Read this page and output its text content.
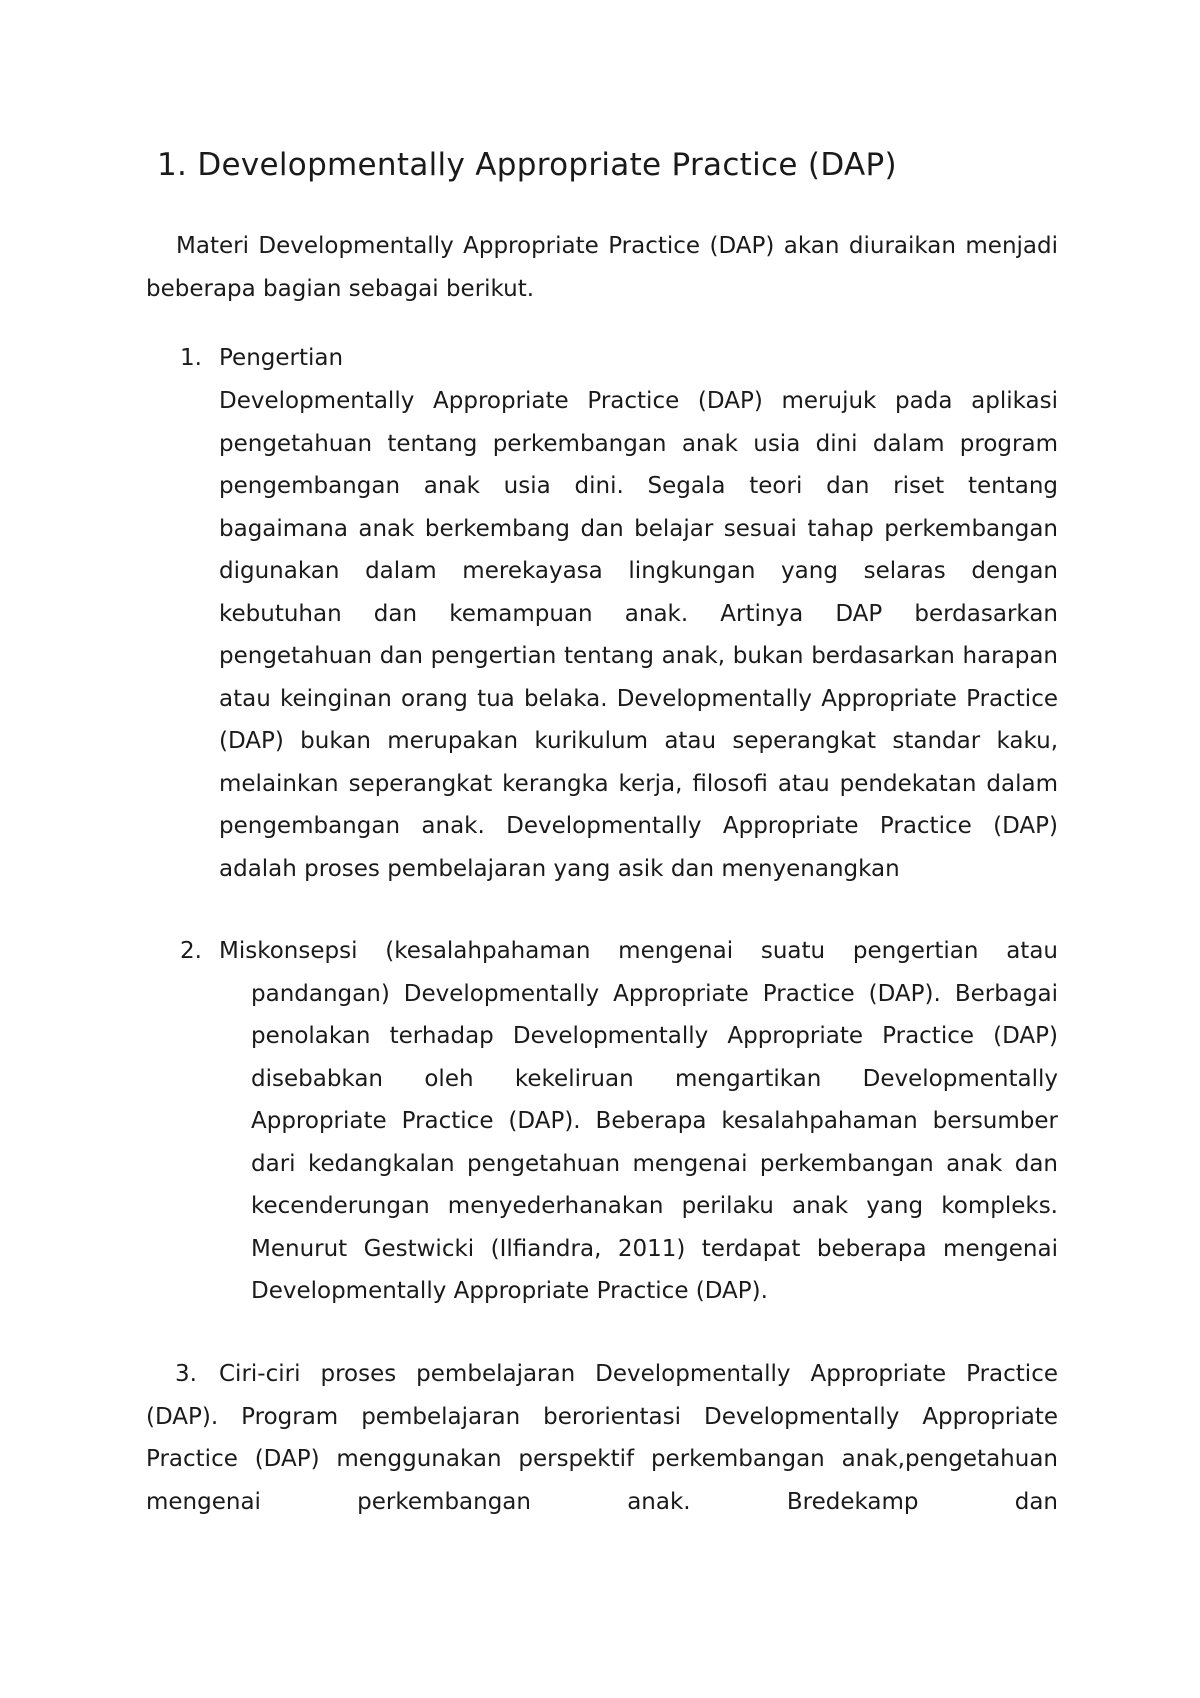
1. Developmentally Appropriate Practice (DAP)

Materi Developmentally Appropriate Practice (DAP) akan diuraikan menjadi beberapa bagian sebagai berikut.

1. Pengertian

Developmentally Appropriate Practice (DAP) merujuk pada aplikasi pengetahuan tentang perkembangan anak usia dini dalam program pengembangan anak usia dini. Segala teori dan riset tentang bagaimana anak berkembang dan belajar sesuai tahap perkembangan digunakan dalam merekayasa lingkungan yang selaras dengan kebutuhan dan kemampuan anak. Artinya DAP berdasarkan pengetahuan dan pengertian tentang anak, bukan berdasarkan harapan atau keinginan orang tua belaka. Developmentally Appropriate Practice (DAP) bukan merupakan kurikulum atau seperangkat standar kaku, melainkan seperangkat kerangka kerja, filosofi atau pendekatan dalam pengembangan anak. Developmentally Appropriate Practice (DAP) adalah proses pembelajaran yang asik dan menyenangkan

2. Miskonsepsi (kesalahpahaman mengenai suatu pengertian atau
pandangan) Developmentally Appropriate Practice (DAP). Berbagai penolakan terhadap Developmentally Appropriate Practice (DAP) disebabkan oleh kekeliruan mengartikan Developmentally Appropriate Practice (DAP). Beberapa kesalahpahaman bersumber dari kedangkalan pengetahuan mengenai perkembangan anak dan kecenderungan menyederhanakan perilaku anak yang kompleks. Menurut Gestwicki (Ilfiandra, 2011) terdapat beberapa mengenai Developmentally Appropriate Practice (DAP).
3. Ciri-ciri proses pembelajaran Developmentally Appropriate Practice (DAP). Program pembelajaran berorientasi Developmentally Appropriate Practice (DAP) menggunakan perspektif perkembangan anak,pengetahuan mengenai perkembangan anak. Bredekamp dan
